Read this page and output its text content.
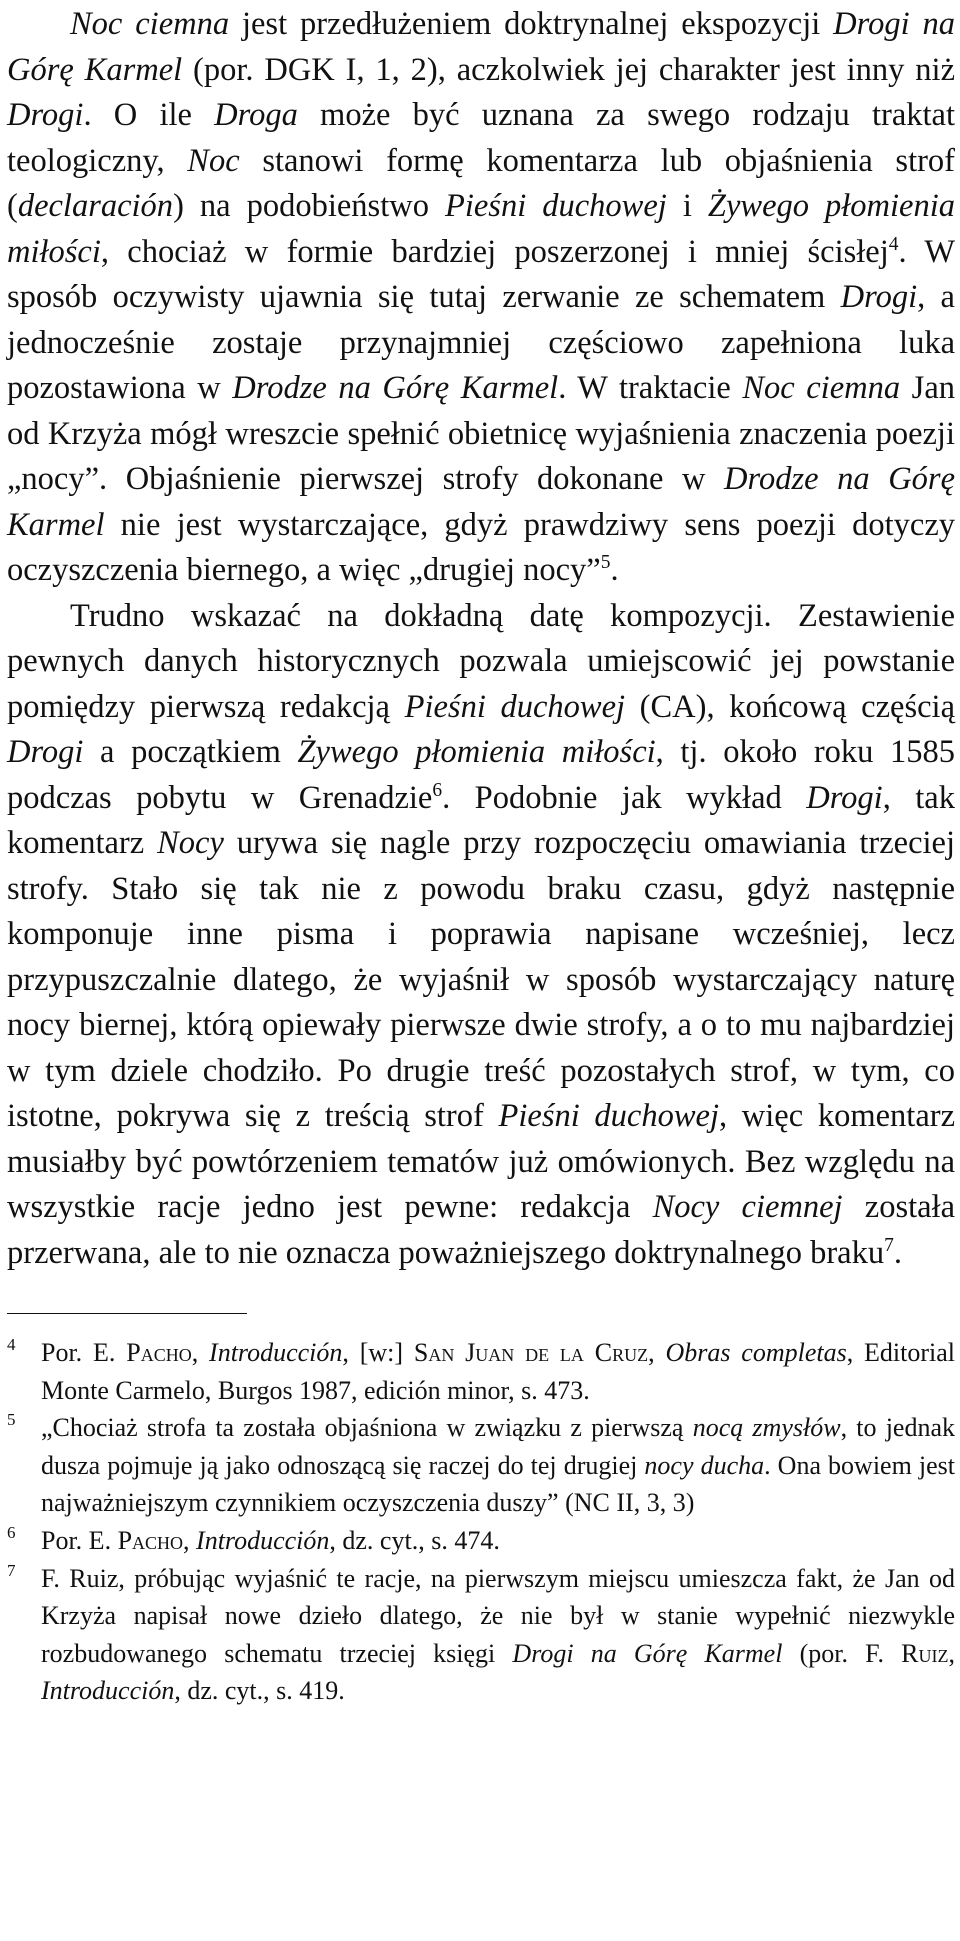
Noc ciemna jest przedłużeniem doktrynalnej ekspozycji Drogi na Górę Karmel (por. DGK I, 1, 2), aczkolwiek jej charakter jest inny niż Drogi. O ile Droga może być uznana za swego rodzaju traktat teologiczny, Noc stanowi formę komentarza lub objaśnienia strof (declaración) na podobieństwo Pieśni duchowej i Żywego płomienia miłości, chociaż w formie bardziej poszerzonej i mniej ścisłej$^4$. W sposób oczywisty ujawnia się tutaj zerwanie ze schematem Drogi, a jednocześnie zostaje przynajmniej częściowo zapełniona luka pozostawiona w Drodze na Górę Karmel. W traktacie Noc ciemna Jan od Krzyża mógł wreszcie spełnić obietnicę wyjaśnienia znaczenia poezji „nocy”. Objaśnienie pierwszej strofy dokonane w Drodze na Górę Karmel nie jest wystarczające, gdyż prawdziwy sens poezji dotyczy oczyszczenia biernego, a więc „drugiej nocy”$^5$.

Trudno wskazać na dokładną datę kompozycji. Zestawienie pewnych danych historycznych pozwala umiejscowić jej powstanie pomiędzy pierwszą redakcją Pieśni duchowej (CA), końcową częścią Drogi a początkiem Żywego płomienia miłości, tj. około roku 1585 podczas pobytu w Grenadzie$^6$. Podobnie jak wykład Drogi, tak komentarz Nocy urywa się nagle przy rozpoczęciu omawiania trzeciej strofy. Stało się tak nie z powodu braku czasu, gdyż następnie komponuje inne pisma i poprawia napisane wcześniej, lecz przypuszczalnie dlatego, że wyjaśnił w sposób wystarczający naturę nocy biernej, którą opiewały pierwsze dwie strofy, a o to mu najbardziej w tym dziele chodziło. Po drugie treść pozostałych strof, w tym, co istotne, pokrywa się z treścią strof Pieśni duchowej, więc komentarz musiałby być powtórzeniem tematów już omówionych. Bez względu na wszystkie racje jedno jest pewne: redakcja Nocy ciemnej została przerwana, ale to nie oznacza poważniejszego doktrynalnego braku$^7$.

4 Por. E. Pacho, Introducción, [w:] San Juan de la Cruz, Obras completas, Editorial Monte Carmelo, Burgos 1987, edición minor, s. 473.
5 „Chociaż strofa ta została objaśniona w związku z pierwszą nocą zmysłów, to jednak dusza pojmuje ją jako odnoszącą się raczej do tej drugiej nocy ducha. Ona bowiem jest najważniejszym czynnikiem oczyszczenia duszy” (NC II, 3, 3)
6 Por. E. Pacho, Introducción, dz. cyt., s. 474.
7 F. Ruiz, próbując wyjaśnić te racje, na pierwszym miejscu umieszcza fakt, że Jan od Krzyża napisał nowe dzieło dlatego, że nie był w stanie wypełnić niezwykle rozbudowanego schematu trzeciej księgi Drogi na Górę Karmel (por. F. Ruiz, Introducción, dz. cyt., s. 419.
